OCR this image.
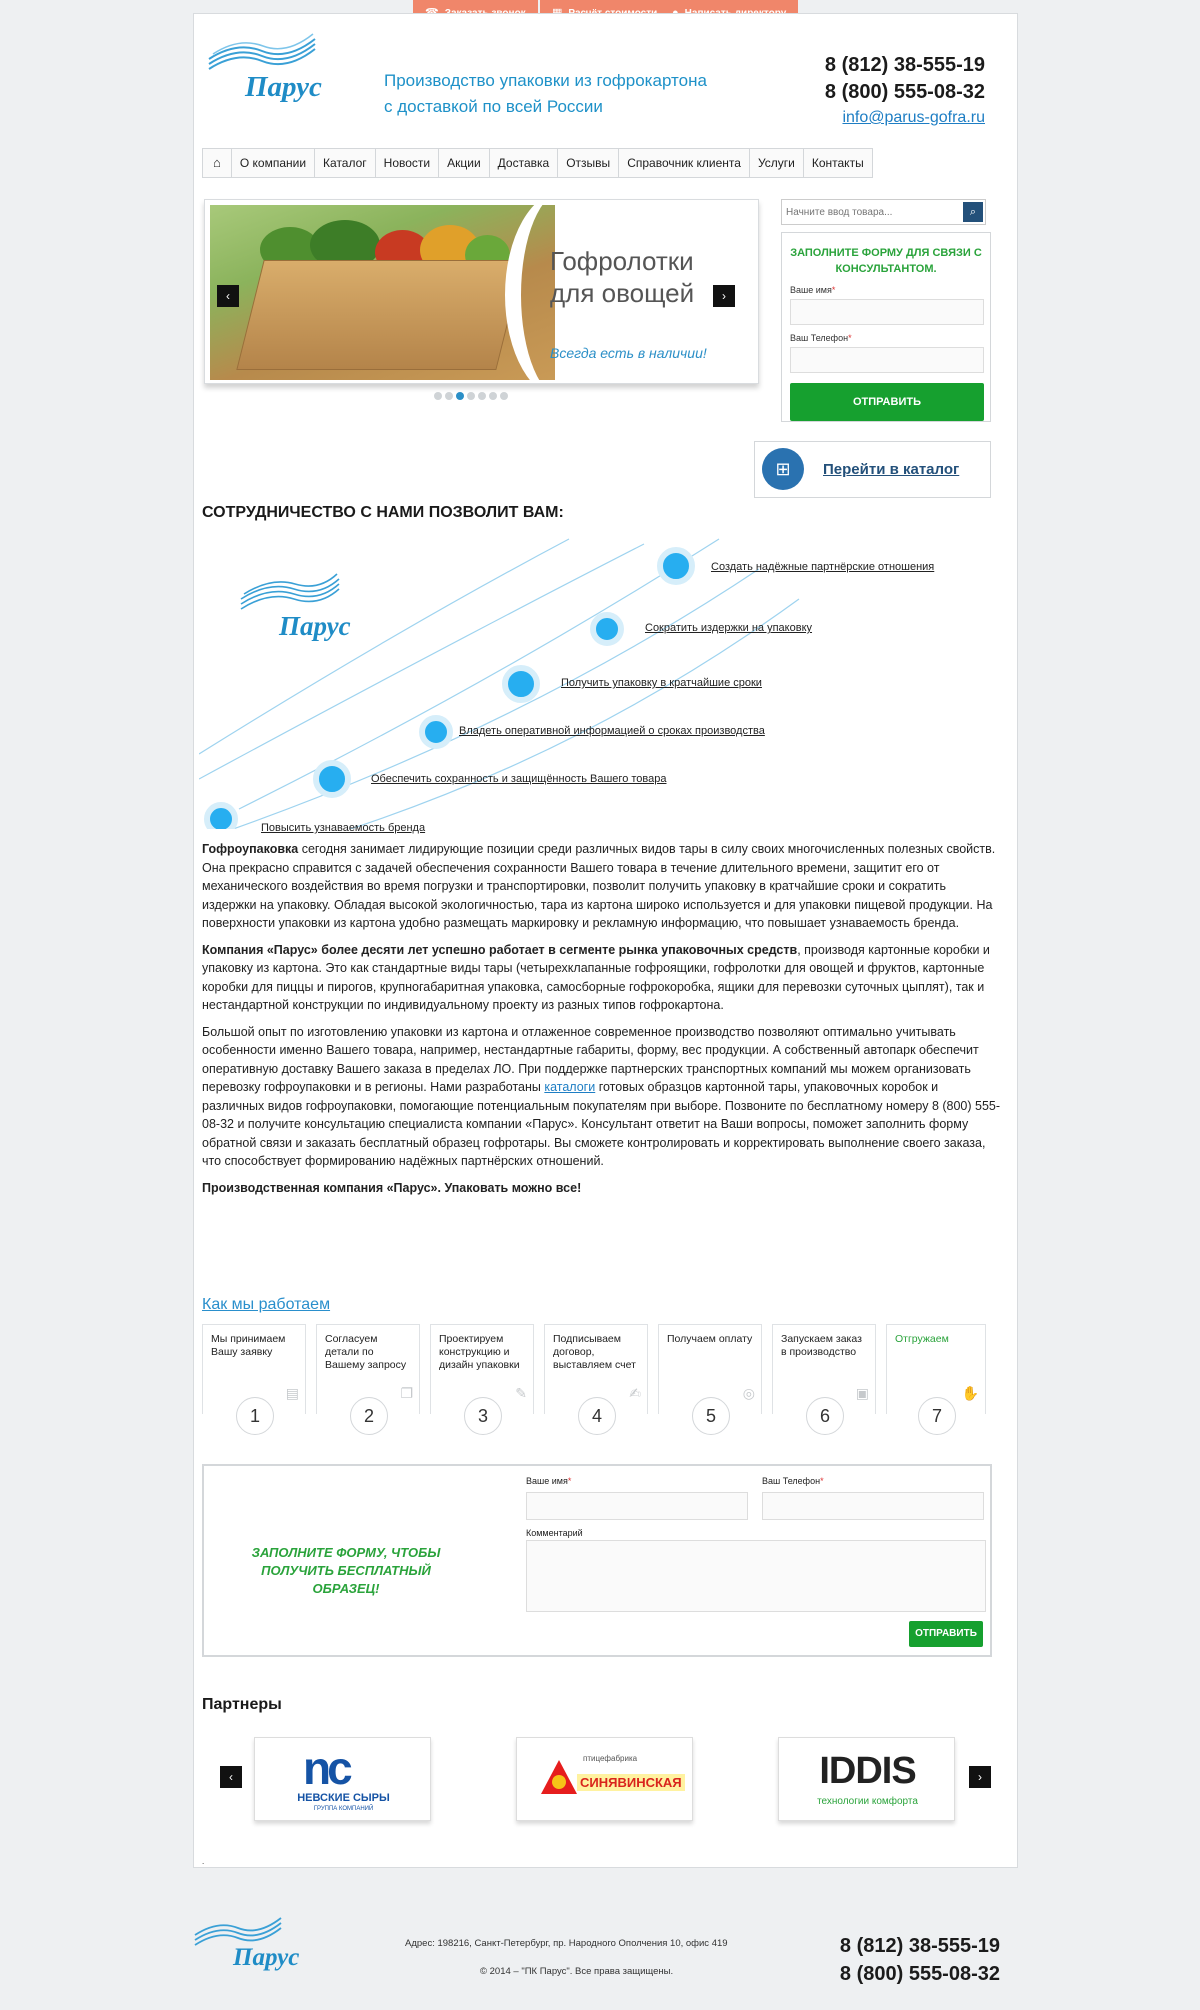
Парус	Производство упаковки из гофрокартона
с доставкой по всей России
8 (812) 38-555-19
8 (800) 555-08-32
info@parus-gofra.ru
⌂	О компании	Каталог	Новости	Акции	Доставка	Отзывы	Справочник клиента	Услуги	Контакты
Гофролотки
для овощей
Всегда есть в наличии!
‹	›
Начните ввод товара...
⌕
ЗАПОЛНИТЕ ФОРМУ ДЛЯ СВЯЗИ С КОНСУЛЬТАНТОМ.
Ваше имя*
Ваш Телефон*
ОТПРАВИТЬ
⊞	Перейти в каталог
СОТРУДНИЧЕСТВО С НАМИ ПОЗВОЛИТ ВАМ:
Парус
Создать надёжные партнёрские отношения
Сократить издержки на упаковку
Получить упаковку в кратчайшие сроки
Владеть оперативной информацией о сроках производства
Обеспечить сохранность и защищённость Вашего товара
Повысить узнаваемость бренда

Гофроупаковка сегодня занимает лидирующие позиции среди различных видов тары в силу своих многочисленных полезных свойств. Она прекрасно справится с задачей обеспечения сохранности Вашего товара в течение длительного времени, защитит его от механического воздействия во время погрузки и транспортировки, позволит получить упаковку в кратчайшие сроки и сократить издержки на упаковку. Обладая высокой экологичностью, тара из картона широко используется и для упаковки пищевой продукции. На поверхности упаковки из картона удобно размещать маркировку и рекламную информацию, что повышает узнаваемость бренда.

Компания «Парус» более десяти лет успешно работает в сегменте рынка упаковочных средств, производя картонные коробки и упаковку из картона. Это как стандартные виды тары (четырехклапанные гофроящики, гофролотки для овощей и фруктов, картонные коробки для пиццы и пирогов, крупногабаритная упаковка, самосборные гофрокоробка, ящики для перевозки суточных цыплят), так и нестандартной конструкции по индивидуальному проекту из разных типов гофрокартона.

Большой опыт по изготовлению упаковки из картона и отлаженное современное производство позволяют оптимально учитывать особенности именно Вашего товара, например, нестандартные габариты, форму, вес продукции. А собственный автопарк обеспечит оперативную доставку Вашего заказа в пределах ЛО. При поддержке партнерских транспортных компаний мы можем организовать перевозку гофроупаковки и в регионы. Нами разработаны каталоги готовых образцов картонной тары, упаковочных коробок и различных видов гофроупаковки, помогающие потенциальным покупателям при выборе. Позвоните по бесплатному номеру 8 (800) 555-08-32 и получите консультацию специалиста компании «Парус». Консультант ответит на Ваши вопросы, поможет заполнить форму обратной связи и заказать бесплатный образец гофротары. Вы сможете контролировать и корректировать выполнение своего заказа, что способствует формированию надёжных партнёрских отношений.

Производственная компания «Парус». Упаковать можно все!

Как мы работаем
Мы принимаем Вашу заявку
▤
1
Согласуем детали по Вашему запросу
❐
2
Проектируем конструкцию и дизайн упаковки
✎
3
Подписываем договор, выставляем счет
✍
4
Получаем оплату
◎
5
Запускаем заказ в производство
▣
6
Отгружаем
✋
7
ЗАПОЛНИТЕ ФОРМУ, ЧТОБЫ ПОЛУЧИТЬ БЕСПЛАТНЫЙ ОБРАЗЕЦ!
Ваше имя*	Ваш Телефон*
Комментарий
ОТПРАВИТЬ
Партнеры
‹	›
nc
НЕВСКИЕ СЫРЫ
ГРУППА КОМПАНИЙ
птицефабрика
СИНЯВИНСКАЯ	IDDIS
технологии комфорта
.
Парус
Адрес: 198216, Санкт-Петербург, пр. Народного Ополчения 10, офис 419
© 2014 – "ПК Парус". Все права защищены.
8 (812) 38-555-19
8 (800) 555-08-32
